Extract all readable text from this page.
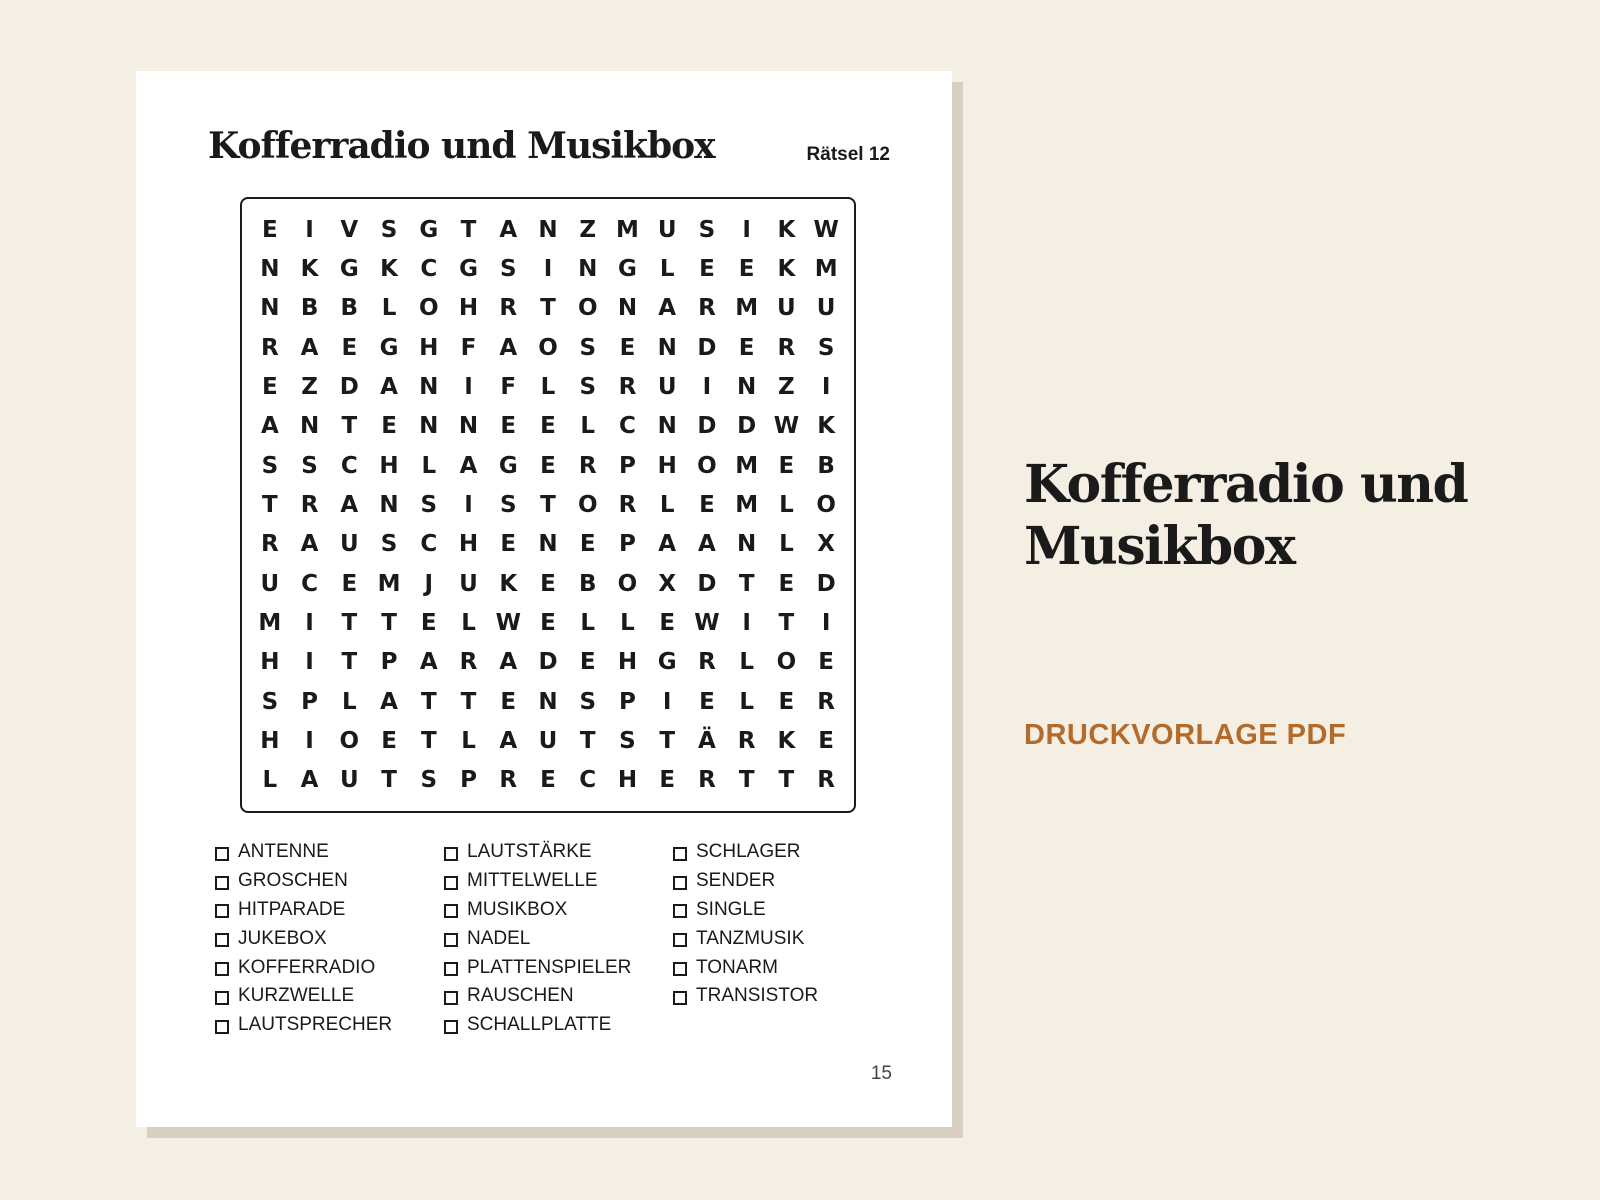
Kofferradio und Musikbox	Rätsel 12
E	I	V S G T A N Z M U S	I	K W
N K G K C G S	I	N G L	E	E K M
N B B	L O H R	T O N A R M U U
R A E G H F A O S	E N D E	R S
E	Z D A N	I	F	L	S R U	I	N Z	I
A N T	E N N E	E	L	C N D D W K
S	S	C H L	A G E	R P H O M E	B
T	R A N S	I	S	T O R	L	E M L O
R A U S	C H E N E	P A A N L	X
U C	E M	J	U K E	B O X D T	E D
M	I	T	T	E	L W E	L	L	E W I	T	I
H	I	T	P A R A D E H G R	L O E
S	P	L	A T	T	E N S	P	I	E	L	E	R
H	I	O E	T	L	A U T	S	T Ä R K E
L	A U T	S	P R	E	C H E	R	T	T	R
ANTENNE
GROSCHEN
HITPARADE
JUKEBOX
KOFFERRADIO
KURZWELLE
LAUTSPRECHER
LAUTSTÄRKE
MITTELWELLE
MUSIKBOX
NADEL
PLATTENSPIELER
RAUSCHEN
SCHALLPLATTE
SCHLAGER
SENDER
SINGLE
TANZMUSIK
TONARM
TRANSISTOR
15
Kofferradio und Musikbox
DRUCKVORLAGE PDF
